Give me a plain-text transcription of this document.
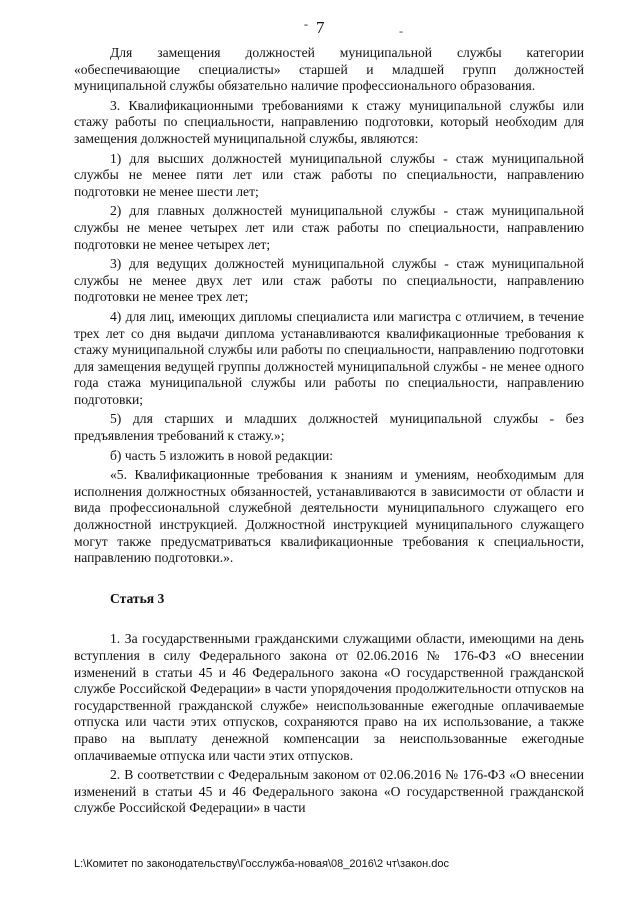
- 7	-

Для замещения должностей муниципальной службы категории «обеспечивающие специалисты» старшей и младшей групп должностей муниципальной службы обязательно наличие профессионального образования.

3. Квалификационными требованиями к стажу муниципальной службы или стажу работы по специальности, направлению подготовки, который необходим для замещения должностей муниципальной службы, являются:

1) для высших должностей муниципальной службы - стаж муниципальной службы не менее пяти лет или стаж работы по специальности, направлению подготовки не менее шести лет;

2) для главных должностей муниципальной службы - стаж муниципальной службы не менее четырех лет или стаж работы по специальности, направлению подготовки не менее четырех лет;

3) для ведущих должностей муниципальной службы - стаж муниципальной службы не менее двух лет или стаж работы по специальности, направлению подготовки не менее трех лет;

4) для лиц, имеющих дипломы специалиста или магистра с отличием, в течение трех лет со дня выдачи диплома устанавливаются квалификационные требования к стажу муниципальной службы или работы по специальности, направлению подготовки для замещения ведущей группы должностей муниципальной службы - не менее одного года стажа муниципальной службы или работы по специальности, направлению подготовки;

5) для старших и младших должностей муниципальной службы - без предъявления требований к стажу.»;

б) часть 5 изложить в новой редакции:

«5. Квалификационные требования к знаниям и умениям, необходимым для исполнения должностных обязанностей, устанавливаются в зависимости от области и вида профессиональной служебной деятельности муниципального служащего его должностной инструкцией. Должностной инструкцией муниципального служащего могут также предусматриваться квалификационные требования к специальности, направлению подготовки.».

Статья 3

1. За государственными гражданскими служащими области, имеющими на день вступления в силу Федерального закона от 02.06.2016 № 176-ФЗ «О внесении изменений в статьи 45 и 46 Федерального закона «О государственной гражданской службе Российской Федерации» в части упорядочения продолжительности отпусков на государственной гражданской службе» неиспользованные ежегодные оплачиваемые отпуска или части этих отпусков, сохраняются право на их использование, а также право на выплату денежной компенсации за неиспользованные ежегодные оплачиваемые отпуска или части этих отпусков.

2. В соответствии с Федеральным законом от 02.06.2016 № 176-ФЗ «О внесении изменений в статьи 45 и 46 Федерального закона «О государственной гражданской службе Российской Федерации» в части

L:\Комитет по законодательству\Госслужба-новая\08_2016\2 чт\закон.doc
